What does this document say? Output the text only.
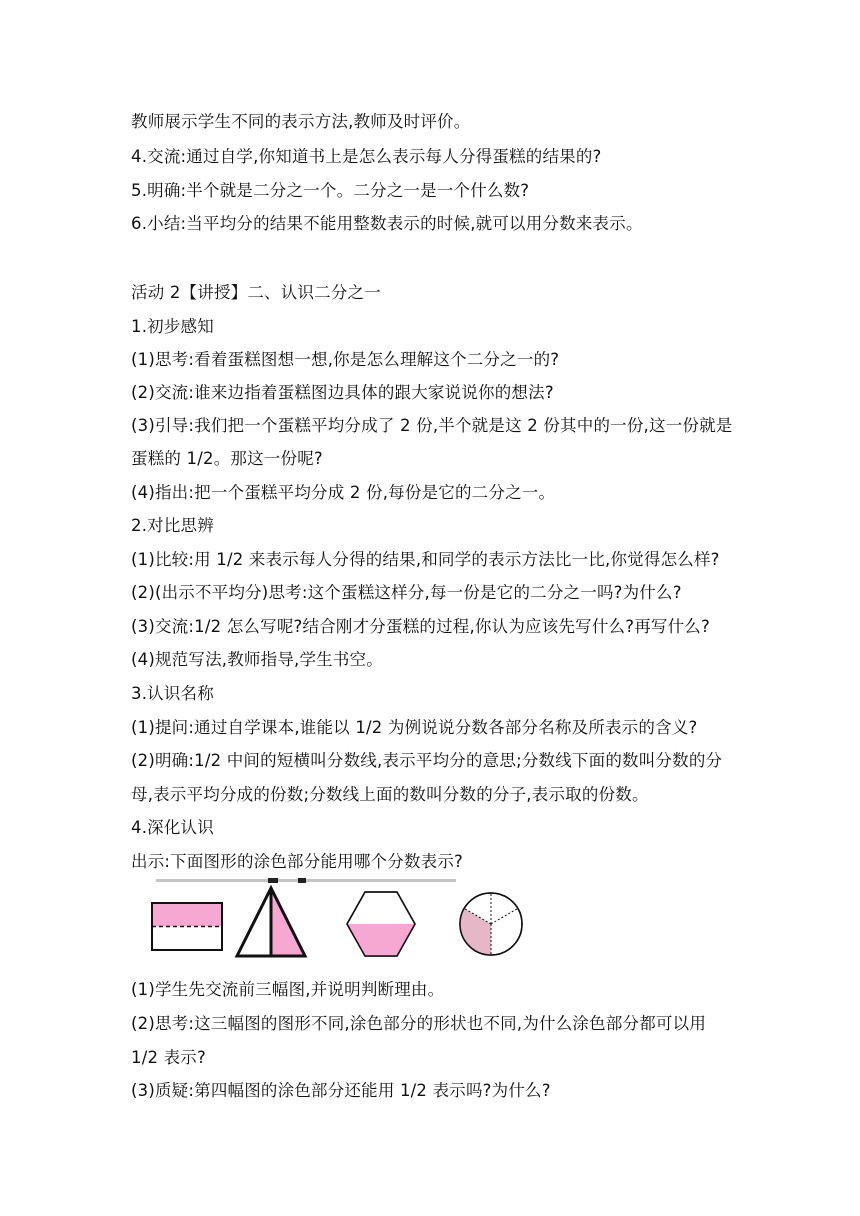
教师展示学生不同的表示方法,教师及时评价。
4.交流:通过自学,你知道书上是怎么表示每人分得蛋糕的结果的?
5.明确:半个就是二分之一个。二分之一是一个什么数?
6.小结:当平均分的结果不能用整数表示的时候,就可以用分数来表示。
活动 2【讲授】二、认识二分之一
1.初步感知
(1)思考:看着蛋糕图想一想,你是怎么理解这个二分之一的?
(2)交流:谁来边指着蛋糕图边具体的跟大家说说你的想法?
(3)引导:我们把一个蛋糕平均分成了 2 份,半个就是这 2 份其中的一份,这一份就是
蛋糕的 1/2。那这一份呢?
(4)指出:把一个蛋糕平均分成 2 份,每份是它的二分之一。
2.对比思辨
(1)比较:用 1/2 来表示每人分得的结果,和同学的表示方法比一比,你觉得怎么样?
(2)(出示不平均分)思考:这个蛋糕这样分,每一份是它的二分之一吗?为什么?
(3)交流:1/2 怎么写呢?结合刚才分蛋糕的过程,你认为应该先写什么?再写什么?
(4)规范写法,教师指导,学生书空。
3.认识名称
(1)提问:通过自学课本,谁能以 1/2 为例说说分数各部分名称及所表示的含义?
(2)明确:1/2 中间的短横叫分数线,表示平均分的意思;分数线下面的数叫分数的分
母,表示平均分成的份数;分数线上面的数叫分数的分子,表示取的份数。
4.深化认识
出示:下面图形的涂色部分能用哪个分数表示?
(1)学生先交流前三幅图,并说明判断理由。
(2)思考:这三幅图的图形不同,涂色部分的形状也不同,为什么涂色部分都可以用
1/2 表示?
(3)质疑:第四幅图的涂色部分还能用 1/2 表示吗?为什么?
